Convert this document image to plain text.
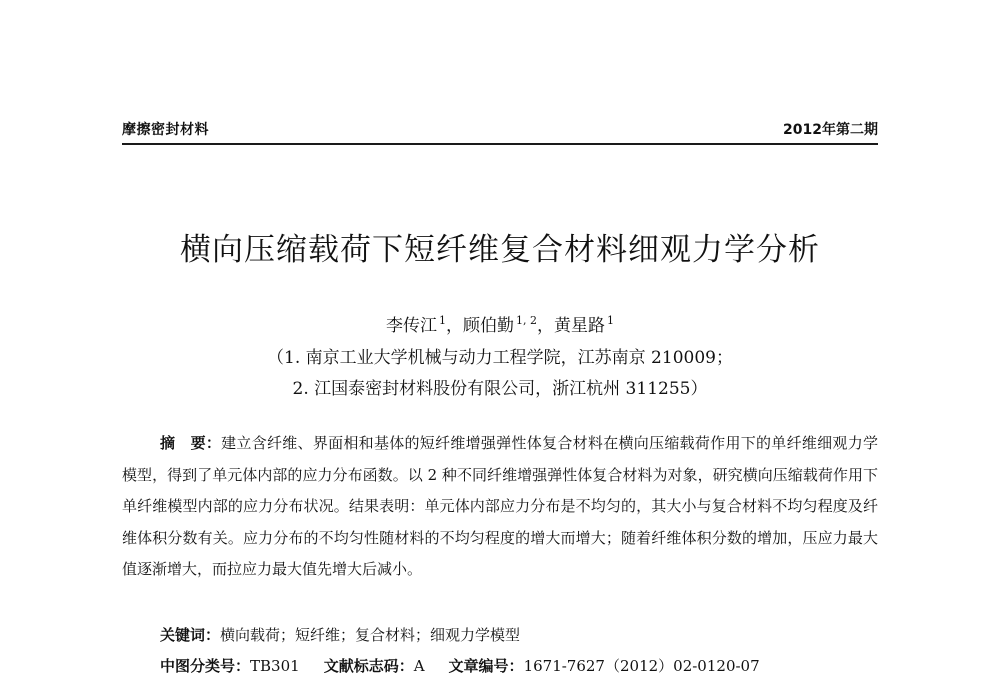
摩擦密封材料	2012年第二期
横向压缩载荷下短纤维复合材料细观力学分析
李传江 $^1$，顾伯勤 $^{1, 2}$，黄星路 $^1$
（1. 南京工业大学机械与动力工程学院，江苏南京 210009；
2. 江国泰密封材料股份有限公司，浙江杭州 311255）
摘　要：建立含纤维、界面相和基体的短纤维增强弹性体复合材料在横向压缩载荷作用下的单纤维细观力学模型，得到了单元体内部的应力分布函数。以 2 种不同纤维增强弹性体复合材料为对象，研究横向压缩载荷作用下单纤维模型内部的应力分布状况。结果表明：单元体内部应力分布是不均匀的，其大小与复合材料不均匀程度及纤维体积分数有关。应力分布的不均匀性随材料的不均匀程度的增大而增大；随着纤维体积分数的增加，压应力最大值逐渐增大，而拉应力最大值先增大后减小。
关键词：横向载荷；短纤维；复合材料；细观力学模型
中图分类号：TB301 文献标志码：A 文章编号：1671-7627（2012）02-0120-07
